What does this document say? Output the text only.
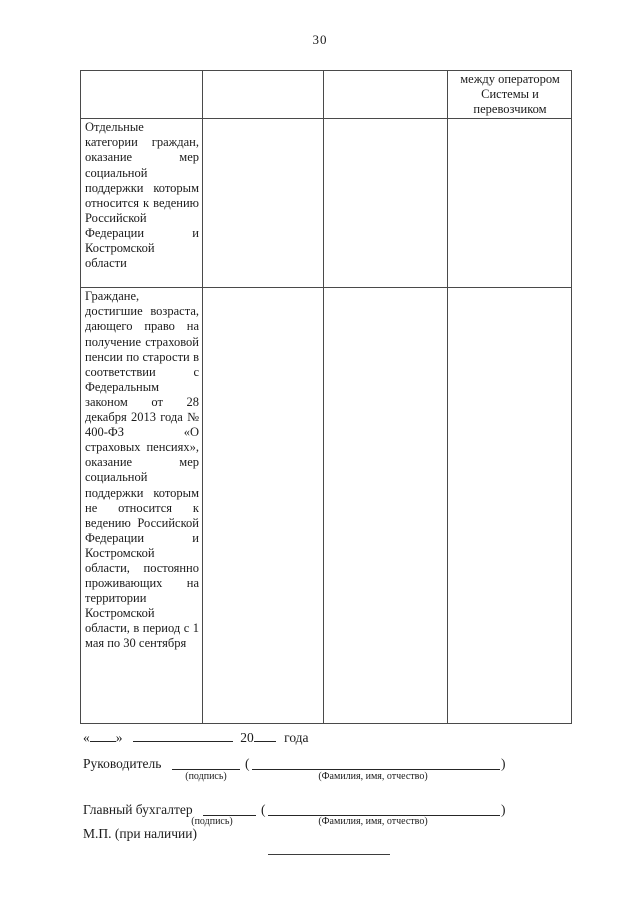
30
			между оператором Системы и перевозчиком
Отдельные категории граждан, оказание мер социальной поддержки которым относится к ведению Российской Федерации и Костромской области			
Граждане, достигшие возраста, дающего право на получение страховой пенсии по старости в соответствии с Федеральным законом от 28 декабря 2013 года № 400-ФЗ «О страховых пенсиях», оказание мер социальной поддержки которым не относится к ведению Российской Федерации и Костромской области, постоянно проживающих на территории Костромской области, в период с 1 мая по 30 сентября			
« »	20 года
Руководитель	(	)
(подпись)	(Фамилия, имя, отчество)
Главный бухгалтер	(	)
(подпись)	(Фамилия, имя, отчество)
М.П. (при наличии)
